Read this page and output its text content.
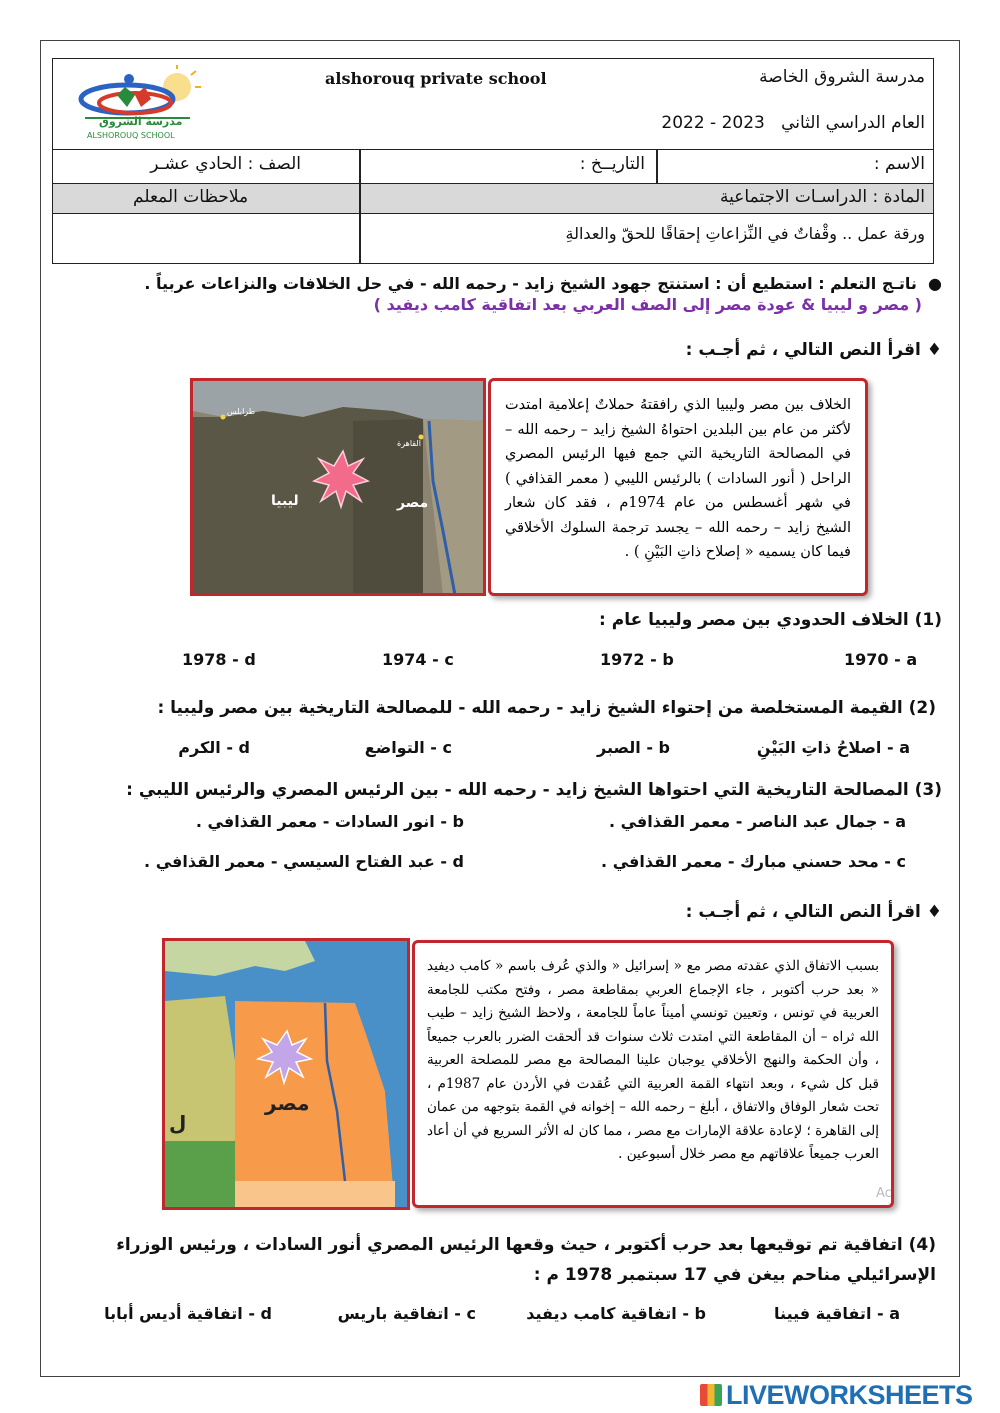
مدرسة الشروق
ALSHOROUQ SCHOOL
alshorouq private school	مدرسة الشروق الخاصة
العام الدراسي الثاني   2022 - 2023
الاسم :
التاريــخ :
الصف : الحادي عشـر
المادة : الدراسـات الاجتماعية
ملاحظات المعلم
ورقة عمل .. وقْفاتٌ في النِّزاعاتِ إحقاقًا للحقّ والعدالةِ
●  ناتـج التعلم : استطيع أن : استنتج جهود الشيخ زايد - رحمه الله - في حل الخلافات والنزاعات عربياً .
( مصر و ليبيا & عودة مصر إلى الصف العربي بعد اتفاقية كامب ديفيد )
♦ اقرأ النص التالي ، ثم أجـب :
طرابلس
القاهرة
ليبيا	مصر
الخلاف بين مصر وليبيا الذي رافقتهُ حملاتٌ إعلامية امتدت لأكثر من عام بين البلدين احتواهُ الشيخ زايد – رحمه الله – في المصالحة التاريخية التي جمع فيها الرئيس المصري الراحل ( أنور السادات ) بالرئيس الليبي ( معمر القذافي ) في شهر أغسطس من عام 1974م ، فقد كان شعار الشيخ زايد – رحمه الله – يجسد ترجمة السلوك الأخلاقي فيما كان يسميه « إصلاح ذاتِ البَيْنِ ) .
(1) الخلاف الحدودي بين مصر وليبيا عام :
1970 - a
1972 - b
1974 - c
1978 - d
(2) القيمة المستخلصة من إحتواء الشيخ زايد - رحمه الله - للمصالحة التاريخية بين مصر وليبيا :
a - اصلاحُ ذاتِ البَيْنِ
b - الصبر
c - التواضع
d - الكرم
(3) المصالحة التاريخية التي احتواها الشيخ زايد - رحمه الله - بين الرئيس المصري والرئيس الليبي :
a - جمال عبد الناصر - معمر القذافي .
b - انور السادات - معمر القذافي .
c - محد حسني مبارك - معمر القذافي .
d - عبد الفتاح السيسي - معمر القذافي .
♦ اقرأ النص التالي ، ثم أجـب :
مصر
ل
بسبب الاتفاق الذي عقدته مصر مع « إسرائيل « والذي عُرف باسم « كامب ديفيد « بعد حرب أكتوبر ، جاء الإجماع العربي بمقاطعة مصر ، وفتح مكتب للجامعة العربية في تونس ، وتعيين تونسي أميناً عاماً للجامعة ، ولاحظ الشيخ زايد – طيب الله ثراه – أن المقاطعة التي امتدت ثلاث سنوات قد ألحقت الضرر بالعرب جميعاً ، وأن الحكمة والنهج الأخلاقي يوجبان علينا المصالحة مع مصر للمصلحة العربية قبل كل شيء ، وبعد انتهاء القمة العربية التي عُقدت في الأردن عام 1987م ، تحت شعار الوفاق والاتفاق ، أبلغ – رحمه الله – إخوانه في القمة بتوجهه من عمان إلى القاهرة ؛ لإعادة علاقة الإمارات مع مصر ، مما كان له الأثر السريع في أن أعاد العرب جميعاً علاقاتهم مع مصر خلال أسبوعين .
Ac
(4) اتفاقية تم توقيعها بعد حرب أكتوبر ، حيث وقعها الرئيس المصري أنور السادات ، ورئيس الوزراء الإسرائيلي مناحم بيغن في 17 سبتمبر 1978 م :
a - اتفاقية فيينا
b - اتفاقية كامب ديفيد
c - اتفاقية باريس
d - اتفاقية أديس أبابا
LIVEWORKSHEETS
